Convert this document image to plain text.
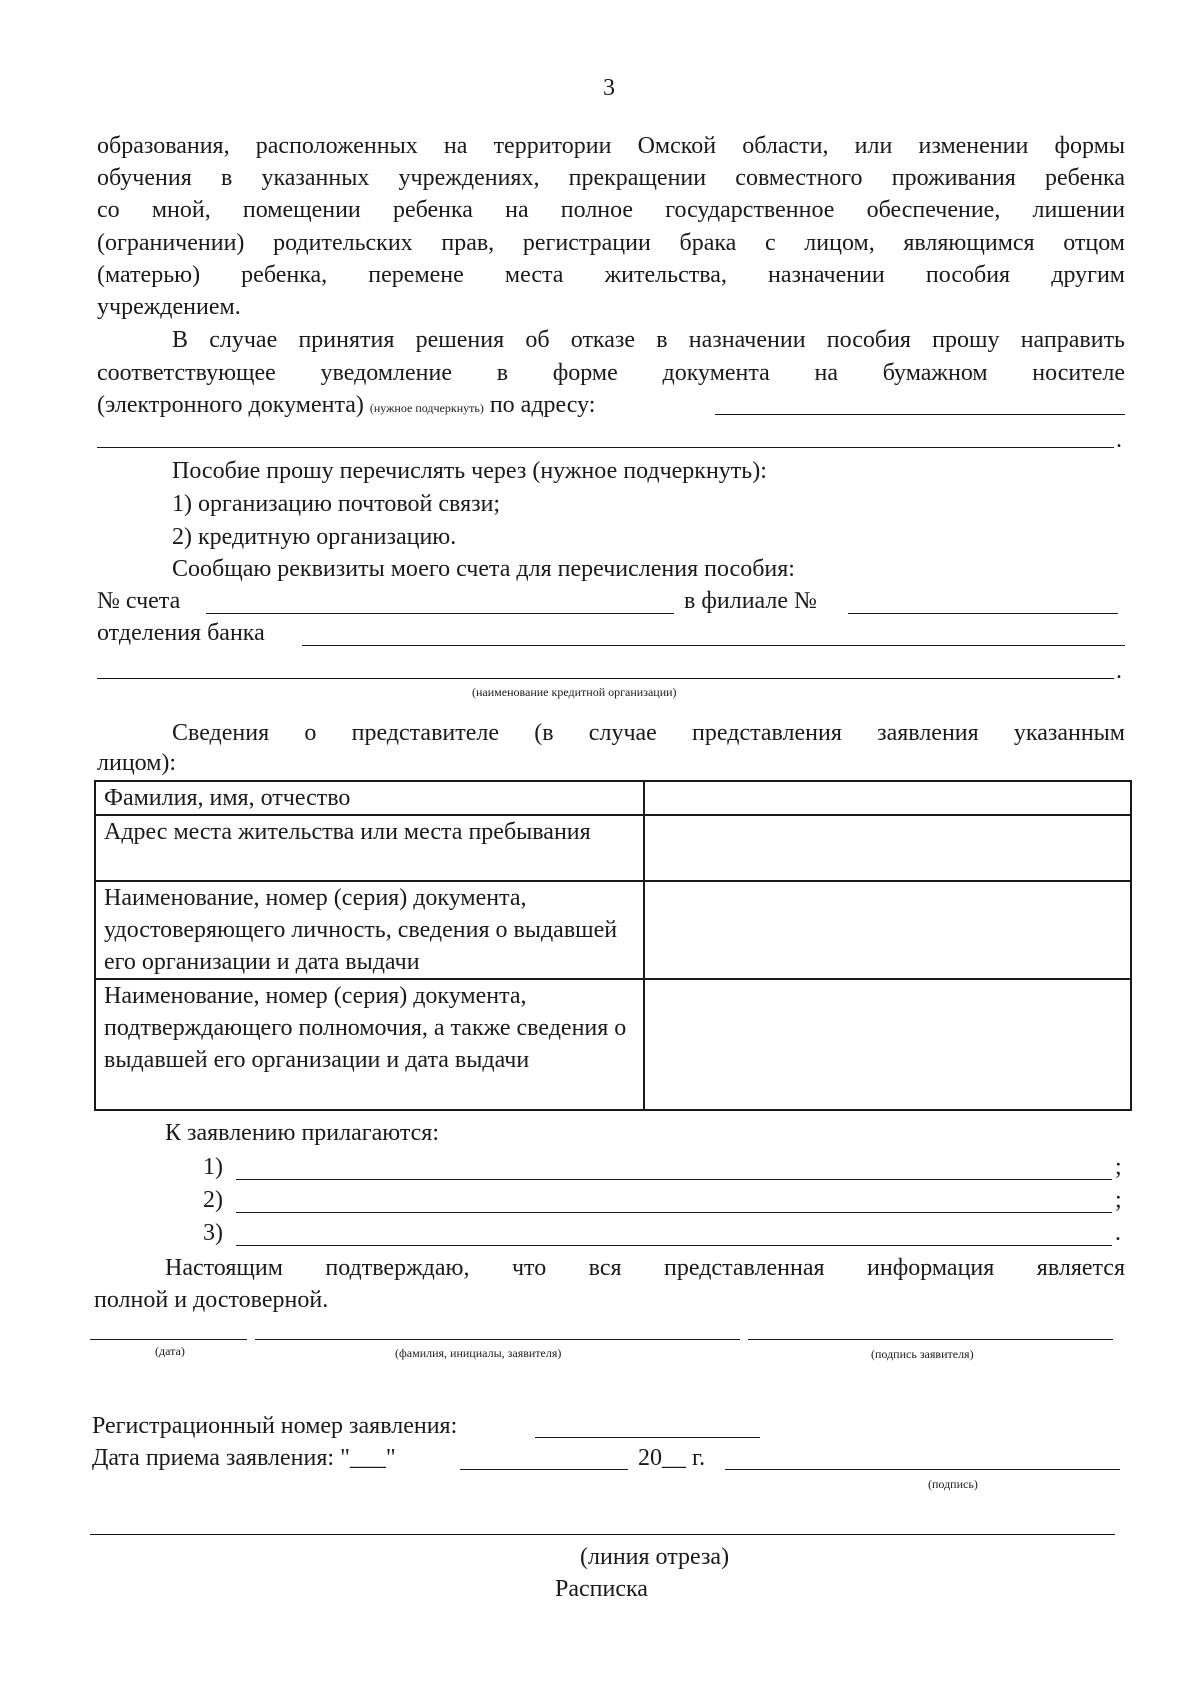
3
образования, расположенных на территории Омской области, или изменении формы
обучения в указанных учреждениях, прекращении совместного проживания ребенка
со мной, помещении ребенка на полное государственное обеспечение, лишении
(ограничении) родительских прав, регистрации брака с лицом, являющимся отцом
(матерью) ребенка, перемене места жительства, назначении пособия другим
учреждением.
В случае принятия решения об отказе в назначении пособия прошу направить
соответствующее уведомление в форме документа на бумажном носителе
(электронного документа) (нужное подчеркнуть) по адресу:
.
Пособие прошу перечислять через (нужное подчеркнуть):
1) организацию почтовой связи;
2) кредитную организацию.
Сообщаю реквизиты моего счета для перечисления пособия:
№ счета	в филиале №
отделения банка
.
(наименование кредитной организации)
Сведения о представителе (в случае представления заявления указанным
лицом):
Фамилия, имя, отчество	
Адрес места жительства или места пребывания	
Наименование, номер (серия) документа, удостоверяющего личность, сведения о выдавшей его организации и дата выдачи	
Наименование, номер (серия) документа, подтверждающего полномочия, а также сведения о выдавшей его организации и дата выдачи	
К заявлению прилагаются:
1)	;
2)	;
3)	.
Настоящим подтверждаю, что вся представленная информация является
полной и достоверной.
(дата)	(фамилия, инициалы, заявителя)	(подпись заявителя)
Регистрационный номер заявления:
Дата приема заявления: "___"	20__ г.
(подпись)
(линия отреза)
Расписка
